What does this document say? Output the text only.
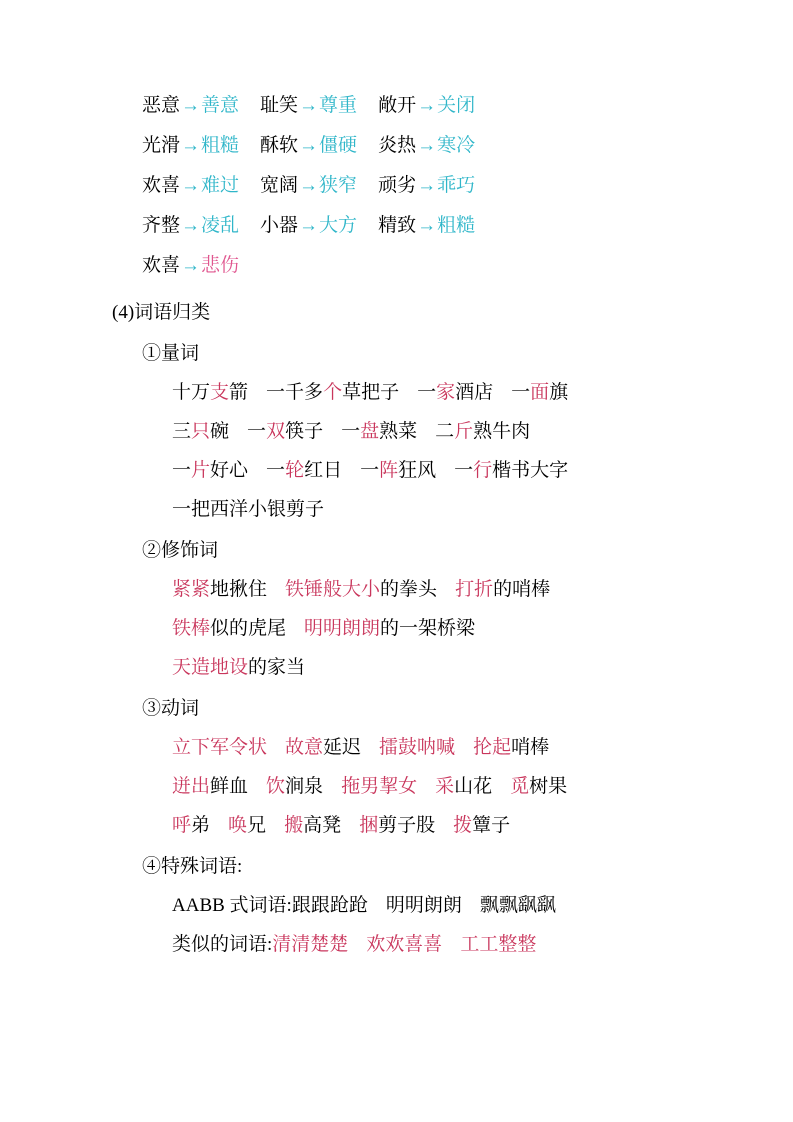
恶意→善意 耻笑→尊重 敞开→关闭
光滑→粗糙 酥软→僵硬 炎热→寒冷
欢喜→难过 宽阔→狭窄 顽劣→乖巧
齐整→凌乱 小器→大方 精致→粗糙
欢喜→悲伤
(4)词语归类
①量词
十万支箭 一千多个草把子 一家酒店 一面旗
三只碗 一双筷子 一盘熟菜 二斤熟牛肉
一片好心 一轮红日 一阵狂风 一行楷书大字
一把西洋小银剪子
②修饰词
紧紧地揪住 铁锤般大小的拳头 打折的哨棒
铁棒似的虎尾 明明朗朗的一架桥梁
天造地设的家当
③动词
立下军令状 故意延迟 擂鼓呐喊 抡起哨棒
迸出鲜血 饮涧泉 拖男挈女 采山花 觅树果
呼弟 唤兄 搬高凳 捆剪子股 拨簟子
④特殊词语:
AABB 式词语:跟跟跄跄 明明朗朗 飘飘飖飖
类似的词语:清清楚楚 欢欢喜喜 工工整整
